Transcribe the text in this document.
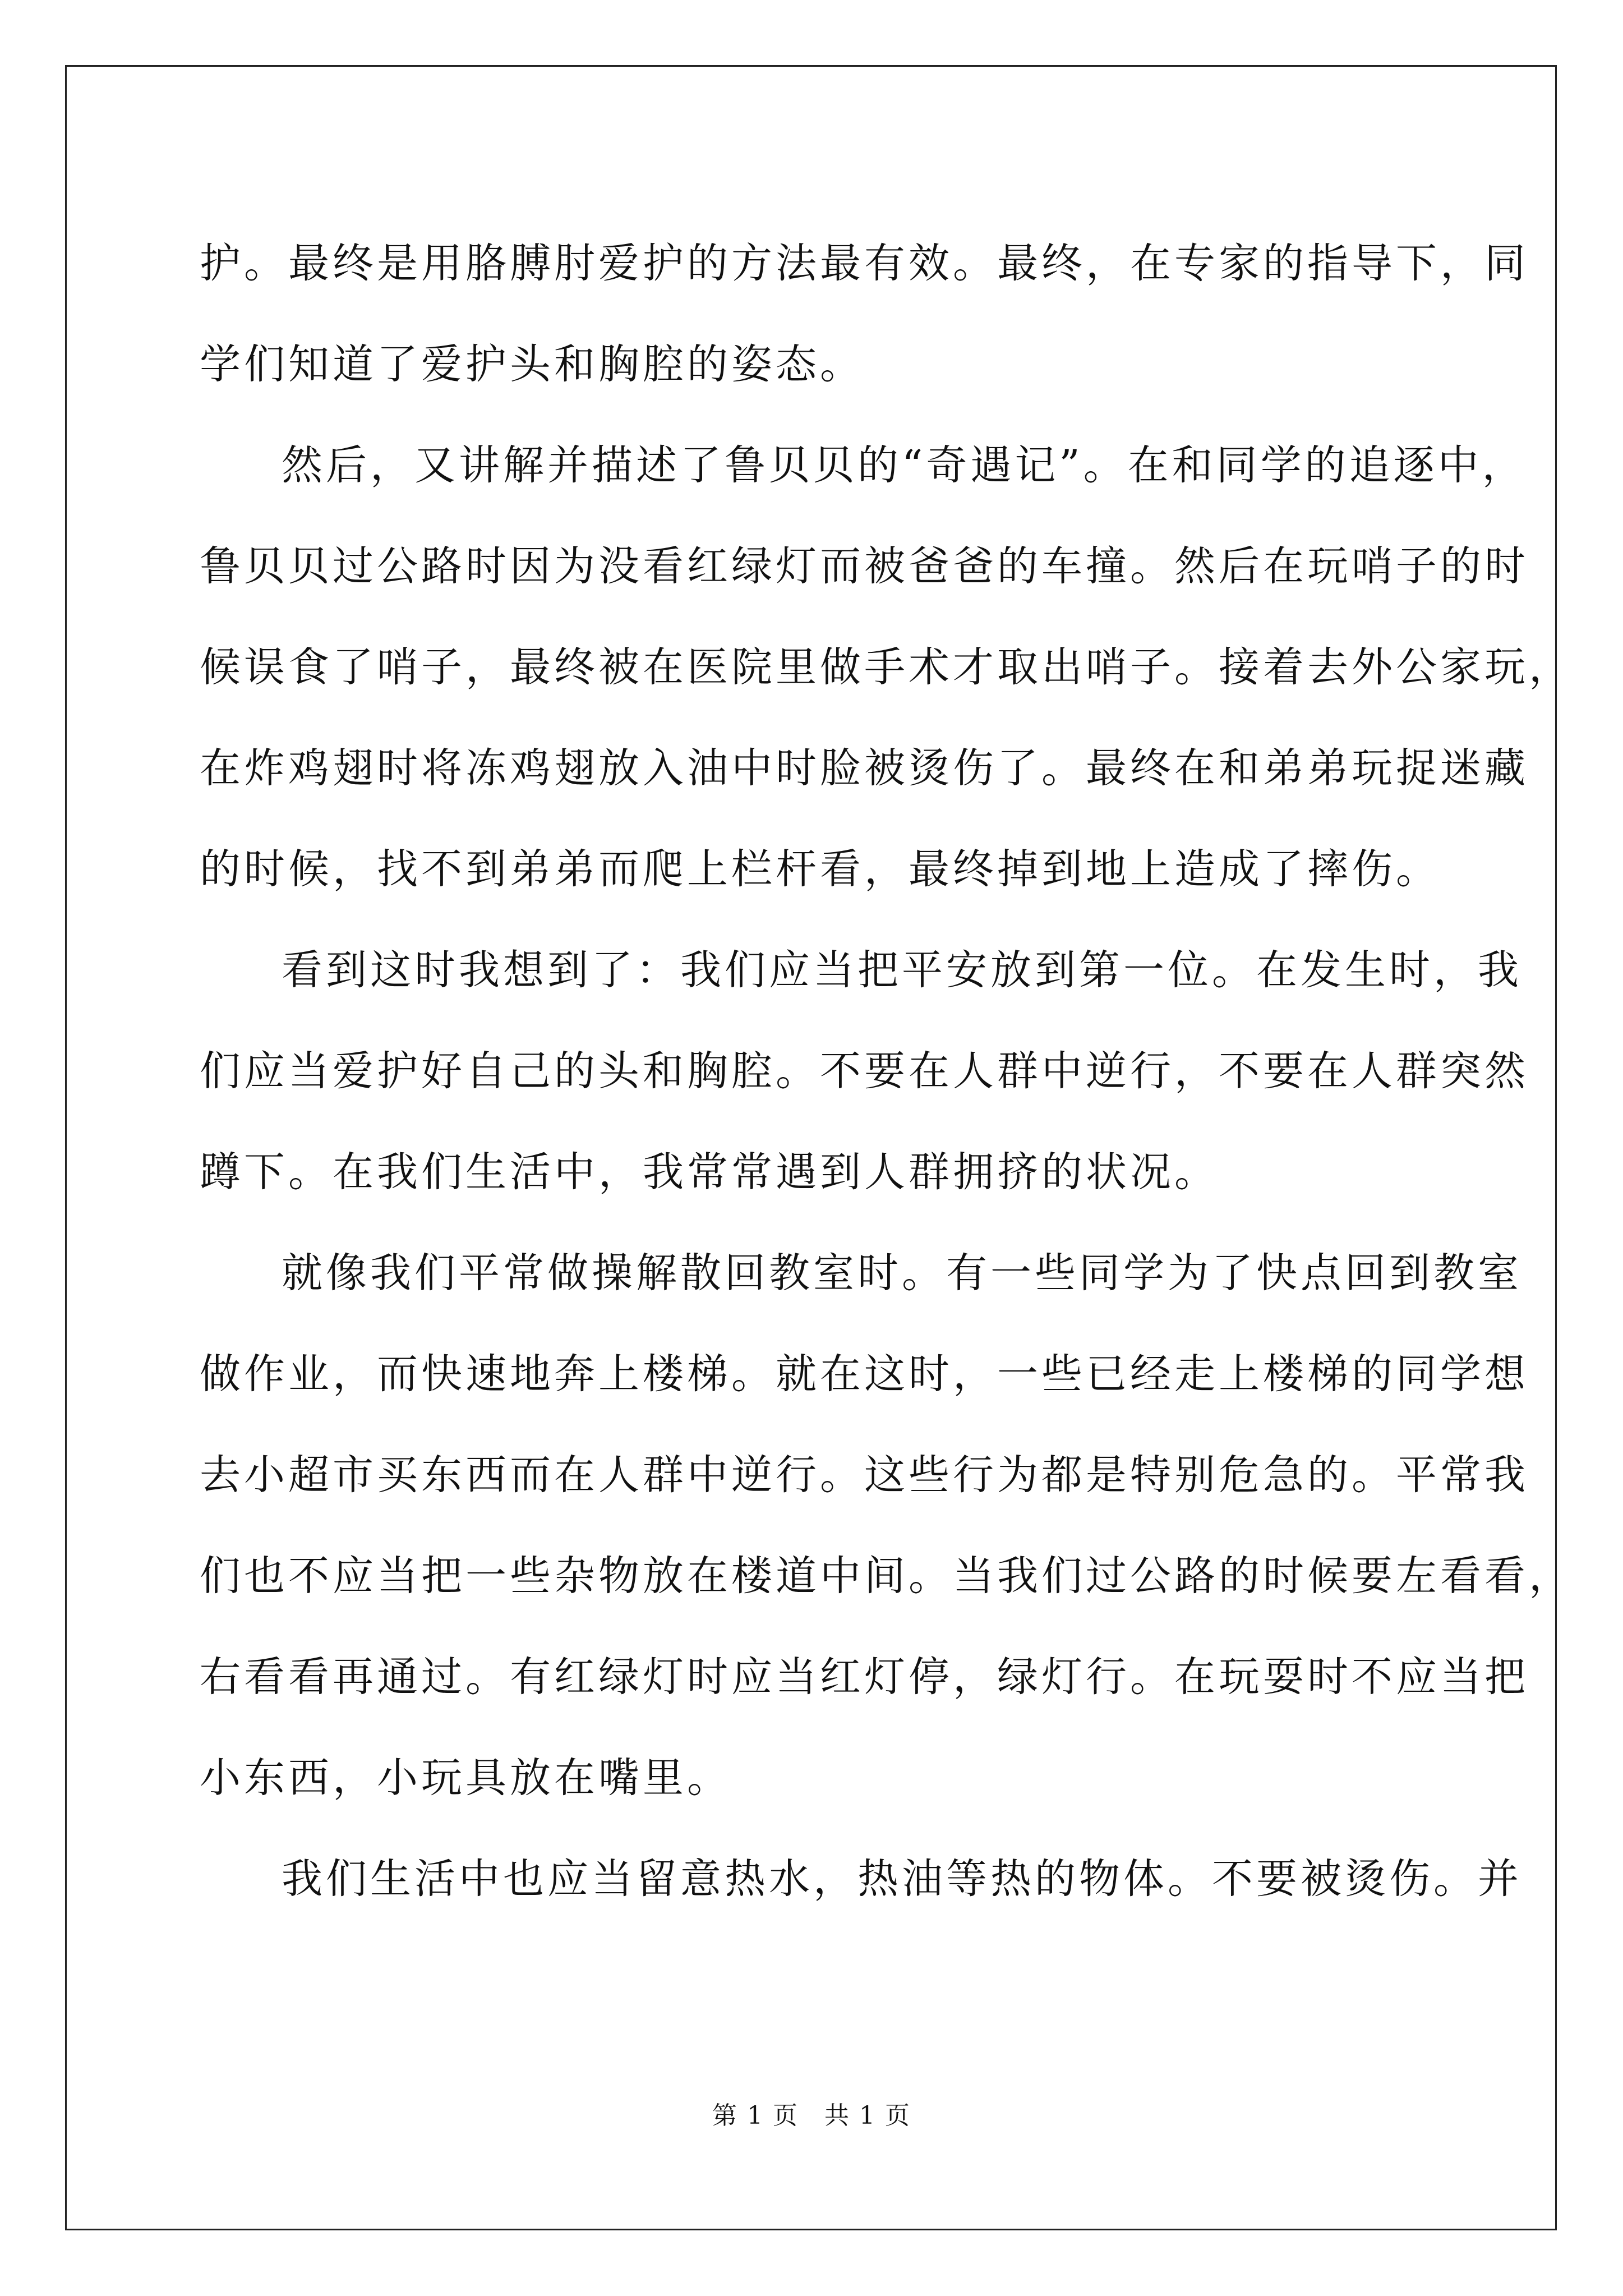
护。最终是用胳膊肘爱护的方法最有效。最终，在专家的指导下，同
学们知道了爱护头和胸腔的姿态。
然后，又讲解并描述了鲁贝贝的“奇遇记”。在和同学的追逐中，
鲁贝贝过公路时因为没看红绿灯而被爸爸的车撞。然后在玩哨子的时
候误食了哨子，最终被在医院里做手术才取出哨子。接着去外公家玩，
在炸鸡翅时将冻鸡翅放入油中时脸被烫伤了。最终在和弟弟玩捉迷藏
的时候，找不到弟弟而爬上栏杆看，最终掉到地上造成了摔伤。
看到这时我想到了：我们应当把平安放到第一位。在发生时，我
们应当爱护好自己的头和胸腔。不要在人群中逆行，不要在人群突然
蹲下。在我们生活中，我常常遇到人群拥挤的状况。
就像我们平常做操解散回教室时。有一些同学为了快点回到教室
做作业，而快速地奔上楼梯。就在这时，一些已经走上楼梯的同学想
去小超市买东西而在人群中逆行。这些行为都是特别危急的。平常我
们也不应当把一些杂物放在楼道中间。当我们过公路的时候要左看看，
右看看再通过。有红绿灯时应当红灯停，绿灯行。在玩耍时不应当把
小东西，小玩具放在嘴里。
我们生活中也应当留意热水，热油等热的物体。不要被烫伤。并
第 1 页　共 1 页
